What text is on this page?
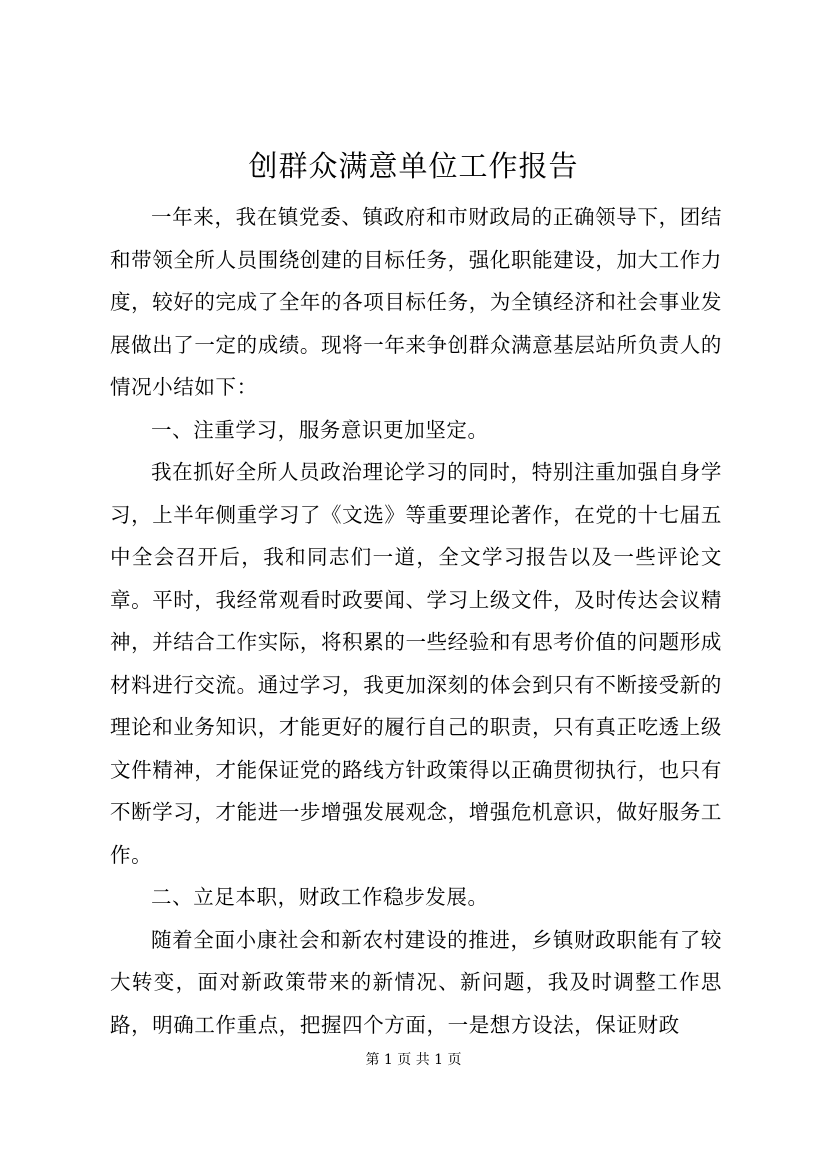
创群众满意单位工作报告

一年来，我在镇党委、镇政府和市财政局的正确领导下，团结和带领全所人员围绕创建的目标任务，强化职能建设，加大工作力度，较好的完成了全年的各项目标任务，为全镇经济和社会事业发展做出了一定的成绩。现将一年来争创群众满意基层站所负责人的情况小结如下：

一、注重学习，服务意识更加坚定。

我在抓好全所人员政治理论学习的同时，特别注重加强自身学习，上半年侧重学习了《文选》等重要理论著作，在党的十七届五中全会召开后，我和同志们一道，全文学习报告以及一些评论文章。平时，我经常观看时政要闻、学习上级文件，及时传达会议精神，并结合工作实际，将积累的一些经验和有思考价值的问题形成材料进行交流。通过学习，我更加深刻的体会到只有不断接受新的理论和业务知识，才能更好的履行自己的职责，只有真正吃透上级文件精神，才能保证党的路线方针政策得以正确贯彻执行，也只有不断学习，才能进一步增强发展观念，增强危机意识，做好服务工作。

二、立足本职，财政工作稳步发展。

随着全面小康社会和新农村建设的推进，乡镇财政职能有了较大转变，面对新政策带来的新情况、新问题，我及时调整工作思路，明确工作重点，把握四个方面，一是想方设法，保证财政

第 1 页 共 1 页
